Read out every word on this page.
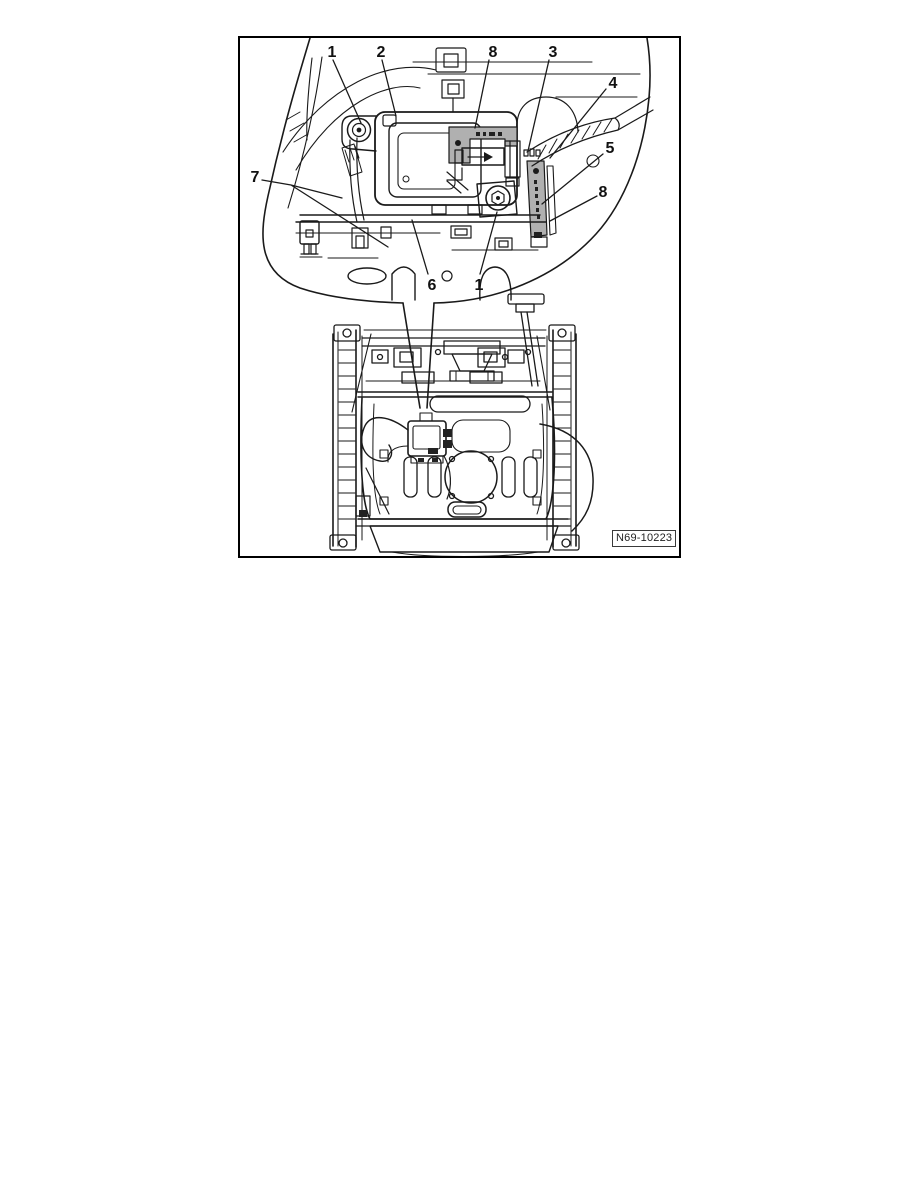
1	2	8	3
4
5
8
7
6 1
N69-10223
